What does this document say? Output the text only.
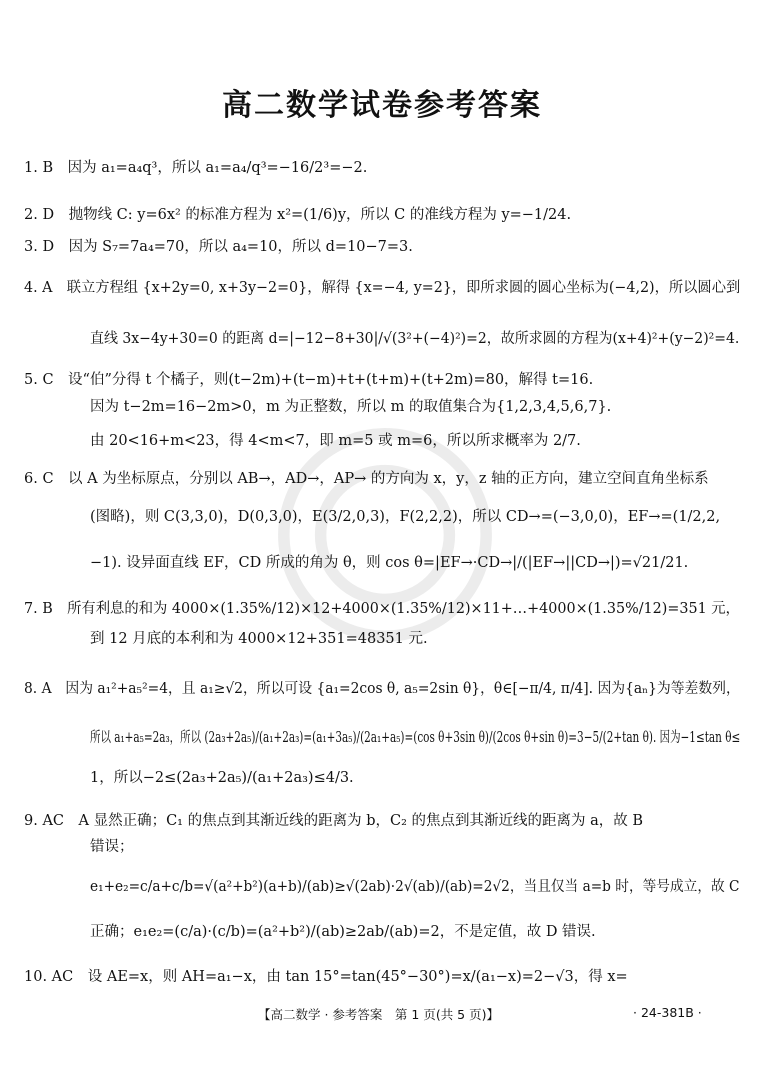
高二数学试卷参考答案
1. B　因为 a₁=a₄q³，所以 a₁=a₄/q³=−16/2³=−2.
2. D　抛物线 C: y=6x² 的标准方程为 x²=(1/6)y，所以 C 的准线方程为 y=−1/24.
3. D　因为 S₇=7a₄=70，所以 a₄=10，所以 d=10−7=3.
4. A　联立方程组 {x+2y=0, x+3y−2=0}，解得 {x=−4, y=2}，即所求圆的圆心坐标为(−4,2)，所以圆心到
直线 3x−4y+30=0 的距离 d=|−12−8+30|/√(3²+(−4)²)=2，故所求圆的方程为(x+4)²+(y−2)²=4.
5. C　设“伯”分得 t 个橘子，则(t−2m)+(t−m)+t+(t+m)+(t+2m)=80，解得 t=16.
因为 t−2m=16−2m>0，m 为正整数，所以 m 的取值集合为{1,2,3,4,5,6,7}.
由 20<16+m<23，得 4<m<7，即 m=5 或 m=6，所以所求概率为 2/7.
6. C　以 A 为坐标原点，分别以 AB→，AD→，AP→ 的方向为 x，y，z 轴的正方向，建立空间直角坐标系
(图略)，则 C(3,3,0)，D(0,3,0)，E(3/2,0,3)，F(2,2,2)，所以 CD→=(−3,0,0)，EF→=(1/2,2,
−1). 设异面直线 EF，CD 所成的角为 θ，则 cos θ=|EF→·CD→|/(|EF→||CD→|)=√21/21.
7. B　所有利息的和为 4000×(1.35%/12)×12+4000×(1.35%/12)×11+…+4000×(1.35%/12)=351 元，
到 12 月底的本利和为 4000×12+351=48351 元.
8. A　因为 a₁²+a₅²=4，且 a₁≥√2，所以可设 {a₁=2cos θ, a₅=2sin θ}，θ∈[−π/4, π/4]. 因为{aₙ}为等差数列，
所以 a₁+a₅=2a₃，所以 (2a₃+2a₅)/(a₁+2a₃)=(a₁+3a₅)/(2a₁+a₅)=(cos θ+3sin θ)/(2cos θ+sin θ)=3−5/(2+tan θ). 因为−1≤tan θ≤
1，所以−2≤(2a₃+2a₅)/(a₁+2a₃)≤4/3.
9. AC　A 显然正确；C₁ 的焦点到其渐近线的距离为 b，C₂ 的焦点到其渐近线的距离为 a，故 B
错误；
e₁+e₂=c/a+c/b=√(a²+b²)(a+b)/(ab)≥√(2ab)·2√(ab)/(ab)=2√2，当且仅当 a=b 时，等号成立，故 C
正确；e₁e₂=(c/a)·(c/b)=(a²+b²)/(ab)≥2ab/(ab)=2，不是定值，故 D 错误.
10. AC　设 AE=x，则 AH=a₁−x，由 tan 15°=tan(45°−30°)=x/(a₁−x)=2−√3，得 x=
【高二数学 · 参考答案　第 1 页(共 5 页)】	· 24-381B ·
